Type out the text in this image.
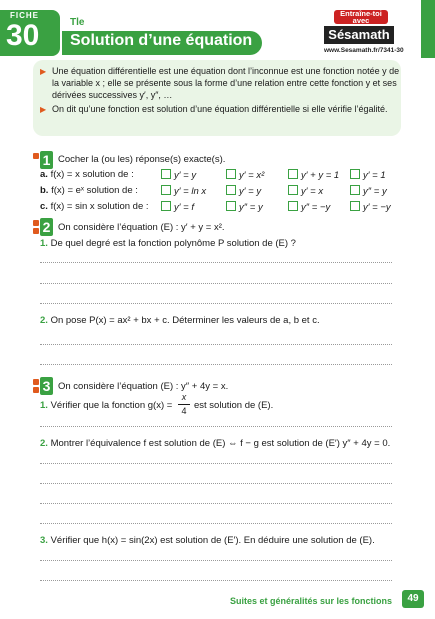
FICHE
30	Tle
Solution d’une équation
Entraîne-toi avec
Sésamath
www.Sesamath.fr/7341-30
▶ Une équation différentielle est une équation dont l’inconnue est une fonction notée y de la variable x ; elle se présente sous la forme d’une relation entre cette fonction y et ses dérivées successives y′, y″, …
▶ On dit qu’une fonction est solution d’une équation différentielle si elle vérifie l’égalité.
1 Cocher la (ou les) réponse(s) exacte(s).
a. f(x) = x solution de :	y′ = y	y′ = x²	y′ + y = 1	y′ = 1
b. f(x) = eˣ solution de :	y′ = ln x	y′ = y	y′ = x	y″ = y
c. f(x) = sin x solution de :	y′ = f	y″ = y	y″ = −y	y′ = −y
2 On considère l’équation (E) : y′ + y = x².
1. De quel degré est la fonction polynôme P solution de (E) ?
2. On pose P(x) = ax² + bx + c. Déterminer les valeurs de a, b et c.
3 On considère l’équation (E) : y″ + 4y = x.
1. Vérifier que la fonction g(x) =
x
4 est solution de (E).
2. Montrer l’équivalence f est solution de (E) ⇔ f − g est solution de (E′) y″ + 4y = 0.
3. Vérifier que h(x) = sin(2x) est solution de (E′). En déduire une solution de (E).
Suites et généralités sur les fonctions	49
